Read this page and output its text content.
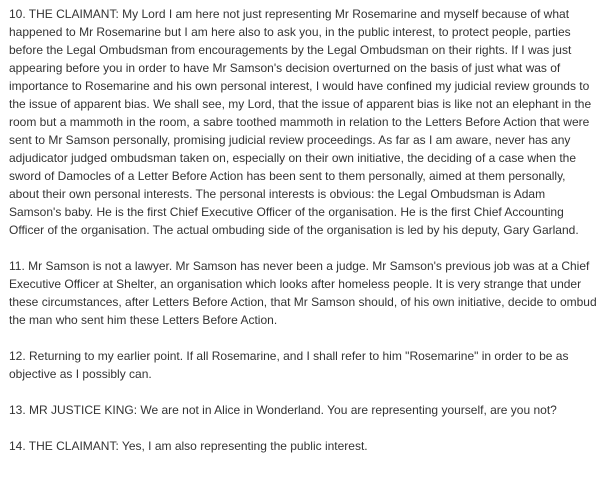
10. THE CLAIMANT: My Lord I am here not just representing Mr Rosemarine and myself because of what happened to Mr Rosemarine but I am here also to ask you, in the public interest, to protect people, parties before the Legal Ombudsman from encouragements by the Legal Ombudsman on their rights. If I was just appearing before you in order to have Mr Samson's decision overturned on the basis of just what was of importance to Rosemarine and his own personal interest, I would have confined my judicial review grounds to the issue of apparent bias. We shall see, my Lord, that the issue of apparent bias is like not an elephant in the room but a mammoth in the room, a sabre toothed mammoth in relation to the Letters Before Action that were sent to Mr Samson personally, promising judicial review proceedings. As far as I am aware, never has any adjudicator judged ombudsman taken on, especially on their own initiative, the deciding of a case when the sword of Damocles of a Letter Before Action has been sent to them personally, aimed at them personally, about their own personal interests. The personal interests is obvious: the Legal Ombudsman is Adam Samson's baby. He is the first Chief Executive Officer of the organisation. He is the first Chief Accounting Officer of the organisation. The actual ombuding side of the organisation is led by his deputy, Gary Garland.

11. Mr Samson is not a lawyer. Mr Samson has never been a judge. Mr Samson's previous job was at a Chief Executive Officer at Shelter, an organisation which looks after homeless people. It is very strange that under these circumstances, after Letters Before Action, that Mr Samson should, of his own initiative, decide to ombud the man who sent him these Letters Before Action.

12. Returning to my earlier point. If all Rosemarine, and I shall refer to him "Rosemarine" in order to be as objective as I possibly can.

13. MR JUSTICE KING: We are not in Alice in Wonderland. You are representing yourself, are you not?

14. THE CLAIMANT: Yes, I am also representing the public interest.
